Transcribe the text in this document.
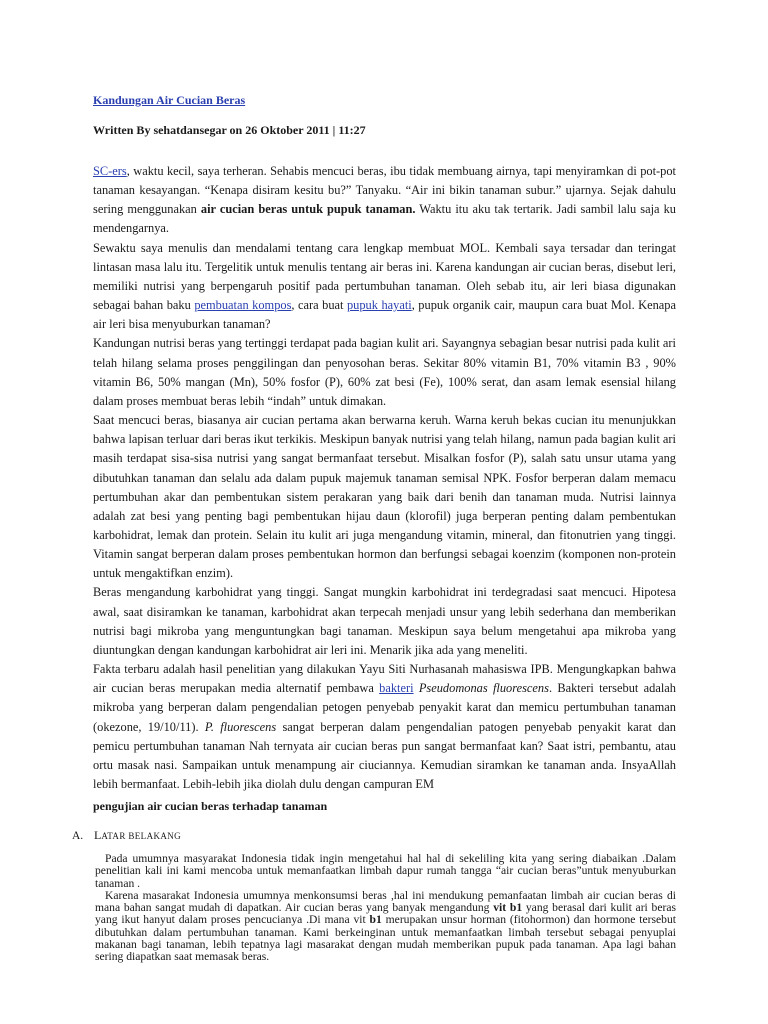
Kandungan Air Cucian Beras
Written By sehatdansegar on 26 Oktober 2011 | 11:27

SC-ers, waktu kecil, saya terheran. Sehabis mencuci beras, ibu tidak membuang airnya, tapi menyiramkan di pot-pot tanaman kesayangan. “Kenapa disiram kesitu bu?” Tanyaku. “Air ini bikin tanaman subur.” ujarnya. Sejak dahulu sering menggunakan air cucian beras untuk pupuk tanaman. Waktu itu aku tak tertarik. Jadi sambil lalu saja ku mendengarnya.

Sewaktu saya menulis dan mendalami tentang cara lengkap membuat MOL. Kembali saya tersadar dan teringat lintasan masa lalu itu. Tergelitik untuk menulis tentang air beras ini. Karena kandungan air cucian beras, disebut leri, memiliki nutrisi yang berpengaruh positif pada pertumbuhan tanaman. Oleh sebab itu, air leri biasa digunakan sebagai bahan baku pembuatan kompos, cara buat pupuk hayati, pupuk organik cair, maupun cara buat Mol. Kenapa air leri bisa menyuburkan tanaman?

Kandungan nutrisi beras yang tertinggi terdapat pada bagian kulit ari. Sayangnya sebagian besar nutrisi pada kulit ari telah hilang selama proses penggilingan dan penyosohan beras. Sekitar 80% vitamin B1, 70% vitamin B3 , 90% vitamin B6, 50% mangan (Mn), 50% fosfor (P), 60% zat besi (Fe), 100% serat, dan asam lemak esensial hilang dalam proses membuat beras lebih “indah” untuk dimakan.

Saat mencuci beras, biasanya air cucian pertama akan berwarna keruh. Warna keruh bekas cucian itu menunjukkan bahwa lapisan terluar dari beras ikut terkikis. Meskipun banyak nutrisi yang telah hilang, namun pada bagian kulit ari masih terdapat sisa-sisa nutrisi yang sangat bermanfaat tersebut. Misalkan fosfor (P), salah satu unsur utama yang dibutuhkan tanaman dan selalu ada dalam pupuk majemuk tanaman semisal NPK. Fosfor berperan dalam memacu pertumbuhan akar dan pembentukan sistem perakaran yang baik dari benih dan tanaman muda. Nutrisi lainnya adalah zat besi yang penting bagi pembentukan hijau daun (klorofil) juga berperan penting dalam pembentukan karbohidrat, lemak dan protein. Selain itu kulit ari juga mengandung vitamin, mineral, dan fitonutrien yang tinggi. Vitamin sangat berperan dalam proses pembentukan hormon dan berfungsi sebagai koenzim (komponen non-protein untuk mengaktifkan enzim).

Beras mengandung karbohidrat yang tinggi. Sangat mungkin karbohidrat ini terdegradasi saat mencuci. Hipotesa awal, saat disiramkan ke tanaman, karbohidrat akan terpecah menjadi unsur yang lebih sederhana dan memberikan nutrisi bagi mikroba yang menguntungkan bagi tanaman. Meskipun saya belum mengetahui apa mikroba yang diuntungkan dengan kandungan karbohidrat air leri ini. Menarik jika ada yang meneliti.

Fakta terbaru adalah hasil penelitian yang dilakukan Yayu Siti Nurhasanah mahasiswa IPB. Mengungkapkan bahwa air cucian beras merupakan media alternatif pembawa bakteri Pseudomonas fluorescens. Bakteri tersebut adalah mikroba yang berperan dalam pengendalian petogen penyebab penyakit karat dan memicu pertumbuhan tanaman (okezone, 19/10/11). P. fluorescens sangat berperan dalam pengendalian patogen penyebab penyakit karat dan pemicu pertumbuhan tanaman Nah ternyata air cucian beras pun sangat bermanfaat kan? Saat istri, pembantu, atau ortu masak nasi. Sampaikan untuk menampung air ciuciannya. Kemudian siramkan ke tanaman anda. InsyaAllah lebih bermanfaat. Lebih-lebih jika diolah dulu dengan campuran EM

pengujian air cucian beras terhadap tanaman
A. LATAR BELAKANG

Pada umumnya masyarakat Indonesia tidak ingin mengetahui hal hal di sekeliling kita yang sering diabaikan .Dalam penelitian kali ini kami mencoba untuk memanfaatkan limbah dapur rumah tangga “air cucian beras”untuk menyuburkan tanaman .

Karena masarakat Indonesia umumnya menkonsumsi beras ,hal ini mendukung pemanfaatan limbah air cucian beras di mana bahan sangat mudah di dapatkan. Air cucian beras yang banyak mengandung vit b1 yang berasal dari kulit ari beras yang ikut hanyut dalam proses pencucianya .Di mana vit b1 merupakan unsur horman (fitohormon) dan hormone tersebut dibutuhkan dalam pertumbuhan tanaman. Kami berkeinginan untuk memanfaatkan limbah tersebut sebagai penyuplai makanan bagi tanaman, lebih tepatnya lagi masarakat dengan mudah memberikan pupuk pada tanaman. Apa lagi bahan sering diapatkan saat memasak beras.
